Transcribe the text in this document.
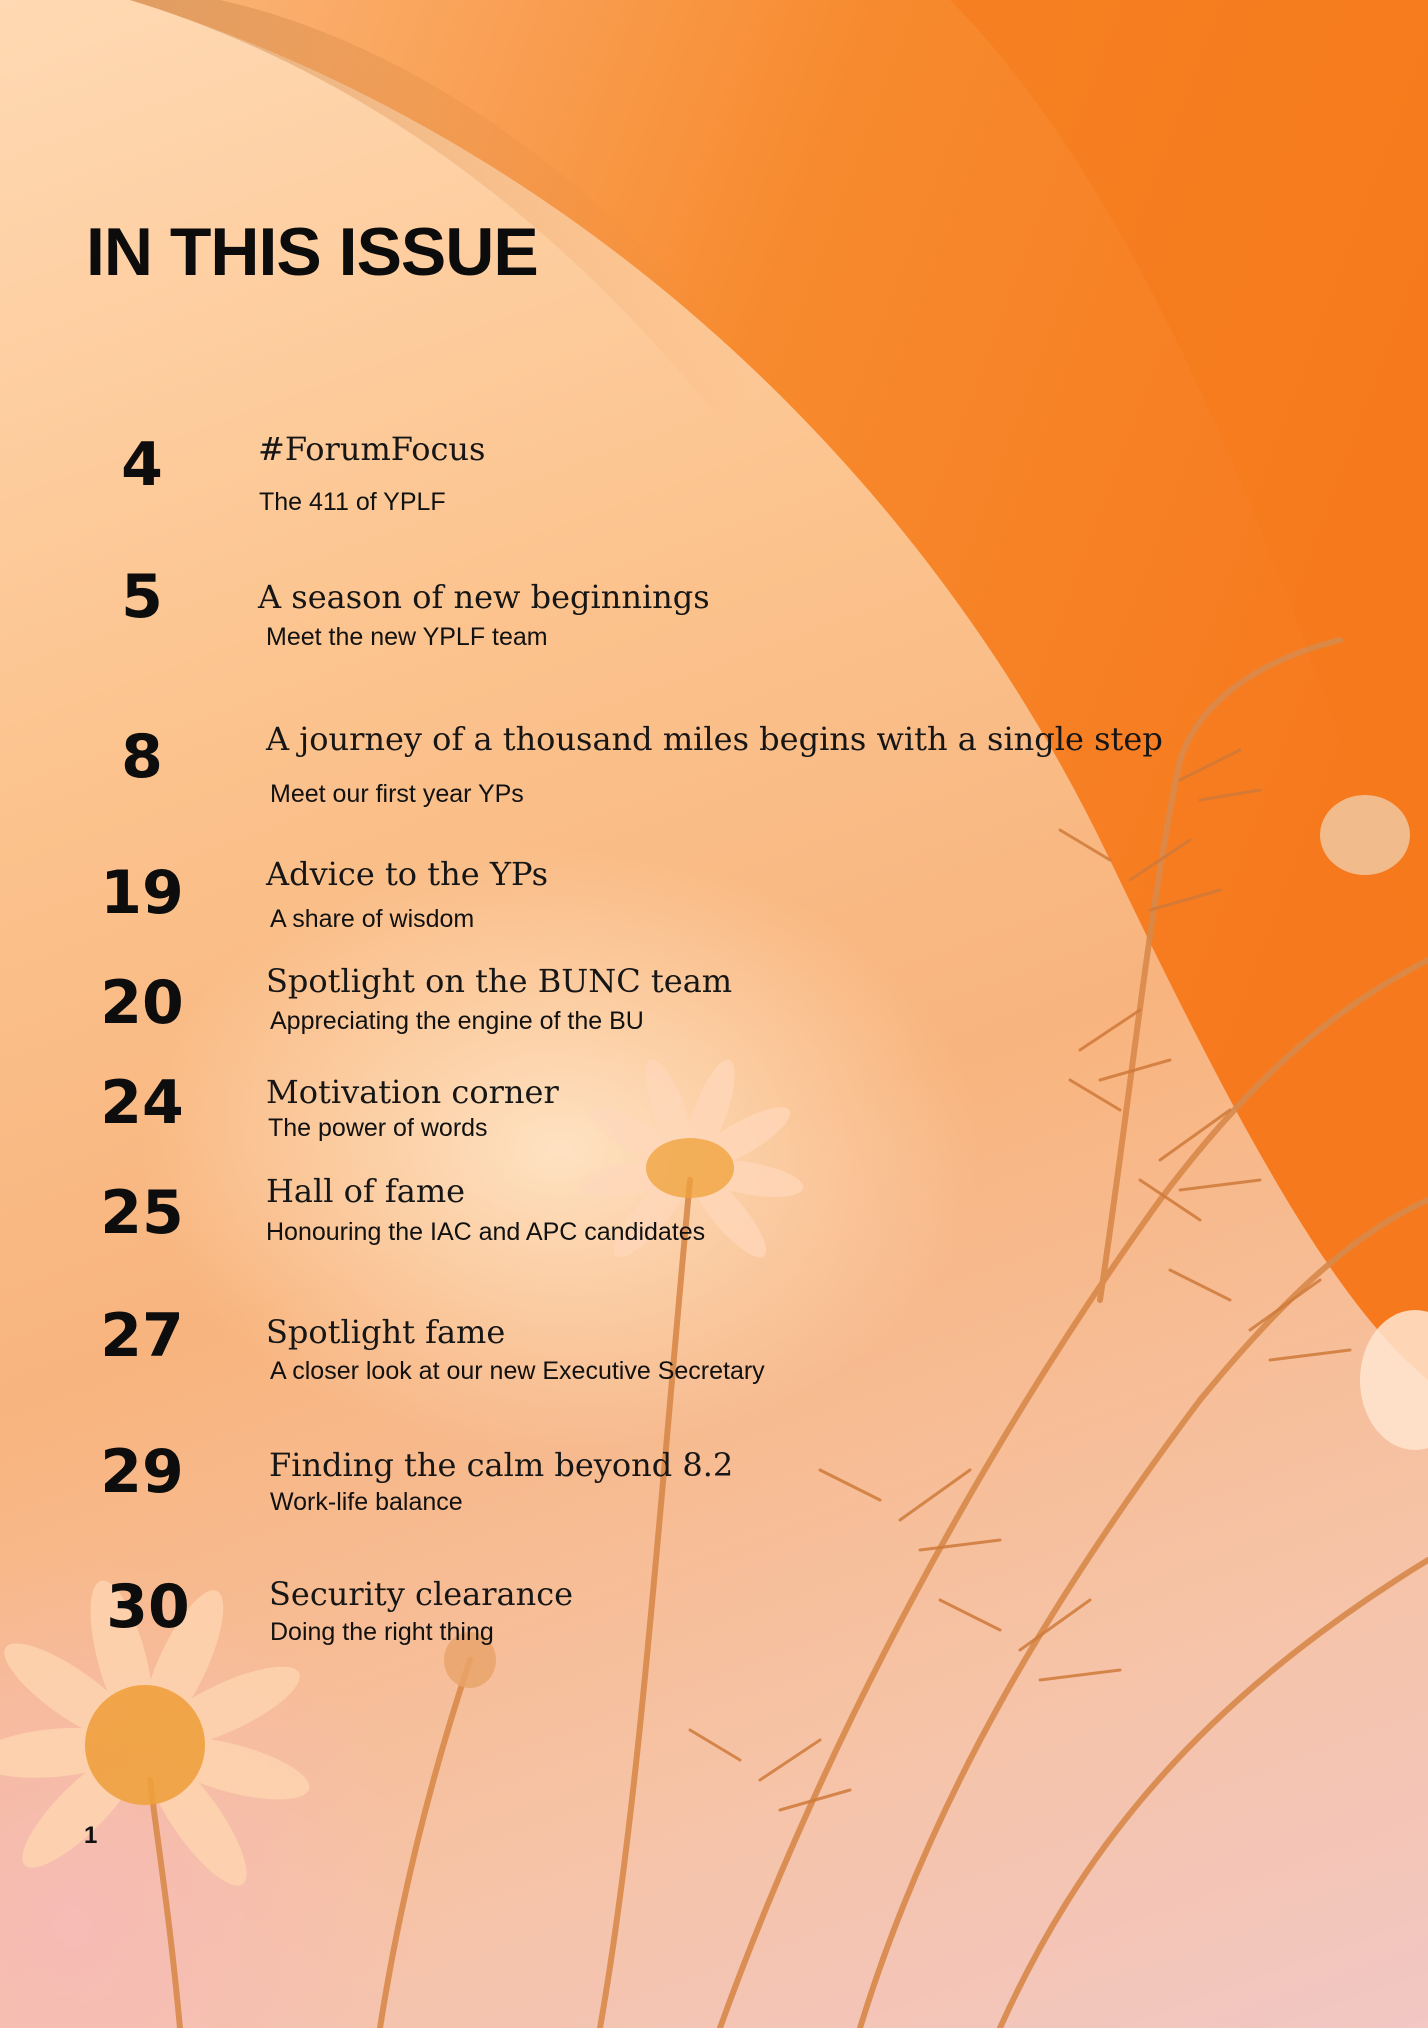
IN THIS ISSUE
4	#ForumFocus
The 411 of YPLF
5	A season of new beginnings
Meet the new YPLF team
8	A journey of a thousand miles begins with a single step
Meet our first year YPs
19	Advice to the YPs
A share of wisdom
20	Spotlight on the BUNC team
Appreciating the engine of the BU
24	Motivation corner
The power of words
25	Hall of fame
Honouring the IAC and APC candidates
27	Spotlight fame
A closer look at our new Executive Secretary
29	Finding the calm beyond 8.2
Work-life balance
30	Security clearance
Doing the right thing
1
